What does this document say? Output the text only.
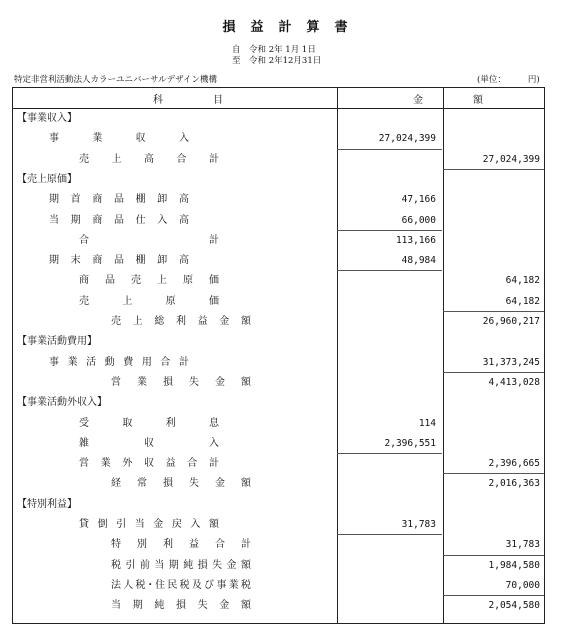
損益計算書
自　令和 2年 1月 1日
至　令和 2年12月31日
特定非営利活動法人カラーユニバーサルデザイン機構	(単位：	円)
科　　　　　目	金　　　　　額
【事業収入】
事	業	収	入	27,024,399
売 上 高 合 計	27,024,399
【売上原価】
期 首 商 品 棚 卸 高	47,166
当 期 商 品 仕 入 高	66,000
合	計	113,166
期 末 商 品 棚 卸 高	48,984
商 品 売 上 原 価	64,182
売	上	原	価	64,182
売 上 総 利 益 金 額	26,960,217
【事業活動費用】
事 業 活 動 費 用 合 計	31,373,245
営 業 損 失 金 額	4,413,028
【事業活動外収入】
受	取	利	息	114
雑	収	入	2,396,551
営 業 外 収 益 合 計	2,396,665
経 常 損 失 金 額	2,016,363
【特別利益】
貸 倒 引 当 金 戻 入 額	31,783
特 別 利 益 合 計	31,783
税 引 前 当 期 純 損 失 金 額	1,984,580
法 人 税 ･ 住 民 税 及 び 事 業 税	70,000
当 期 純 損 失 金 額	2,054,580
